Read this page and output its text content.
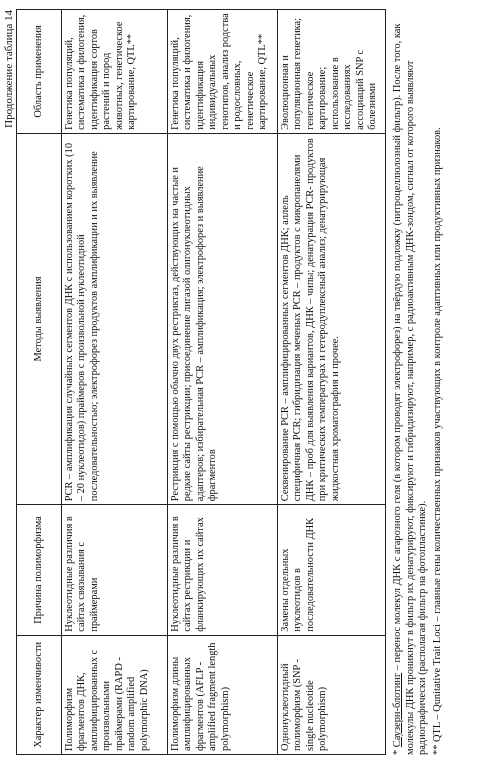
Продолжение таблица 14
Характер изменчивости	Причина полиморфизма	Методы выявления	Область применения
Полиморфизм фрагментов ДНК, амплифицированных с произвольными праймерами (RAPD - random amplified polymorphic DNA)	Нуклеотидные различия в сайтах связывания с праймерами	PCR – амплификация случайных сегментов ДНК с использованием коротких (10 – 20 нуклеотидов) праймеров с произвольной нуклеотидной последовательностью; электрофорез продуктов амплификации и их выявление	Генетика популяций, систематика и филогения, идентификация сортов растений и пород животных, генетическое картирование, QTL**
Полиморфизм длины амплифицированных фрагментов (AFLP - amplified fragment length polymorphism)	Нуклеотидные различия в сайтах рестрикции и фланкирующих их сайтах	Рестрикция с помощью обычно двух рестриктаз, действующих на частые и редкие сайты рестрикции; присоединение лигазой олигонуклеотидных адаптеров; избирательная PCR – амплификация; электрофорез и выявление фрагментов	Генетика популяций, систематика и филогения, идентификация индивидуальных генотипов, анализ родства и родословных, генетическое картирование, QTL**
Однонуклеотидный полиморфизм (SNP - single nucleotide polymorphism)	Замены отдельных нуклеотидов в последовательности ДНК	Секвенирование PCR – амплифицированных сегментов ДНК; аллель специфичная PCR; гибридизация меченых PCR – продуктов с микропанелями ДНК – проб для выявления вариантов, ДНК – чипы; денатурация PCR- продуктов при критических температурах и гетеродуплексный анализ; денатурирующая жидкостная хроматография и прочее.	Эволюционная и популяционная генетика; генетическое картирование; использование в исследованиях ассоциаций SNP с болезнями

* Саузерн-блотинг – перенос молекул ДНК с агарозного геля (в котором проводят электрофорез) на твёрдую подложку (нитроцеллюлозный фильтр). После того, как молекулы ДНК проникнут в фильтр их денатурируют, фиксируют и гибридизируют, например, с радиоактивным ДНК-зондом, сигнал от которого выявляют радиографически (располагая фильтр на фотопластинке). ** QTL – Qunitative Trait Loci – главные гены количественных признаков участвующих в контроле адаптивных или продуктивных признаков.
